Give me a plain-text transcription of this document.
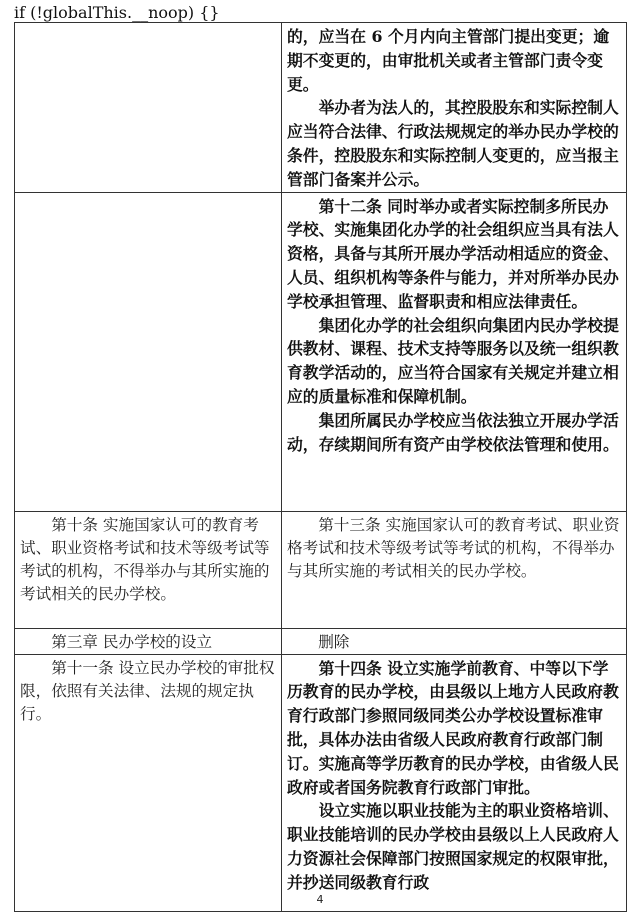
if (!globalThis.__noop) {}

	的，应当在 6 个月内向主管部门提出变更；逾期不变更的，由审批机关或者主管部门责令变更。

举办者为法人的，其控股股东和实际控制人应当符合法律、行政法规规定的举办民办学校的条件，控股股东和实际控制人变更的，应当报主管部门备案并公示。

	第十二条 同时举办或者实际控制多所民办学校、实施集团化办学的社会组织应当具有法人资格，具备与其所开展办学活动相适应的资金、人员、组织机构等条件与能力，并对所举办民办学校承担管理、监督职责和相应法律责任。

集团化办学的社会组织向集团内民办学校提供教材、课程、技术支持等服务以及统一组织教育教学活动的，应当符合国家有关规定并建立相应的质量标准和保障机制。

集团所属民办学校应当依法独立开展办学活动，存续期间所有资产由学校依法管理和使用。

第十条 实施国家认可的教育考试、职业资格考试和技术等级考试等考试的机构，不得举办与其所实施的考试相关的民办学校。	第十三条 实施国家认可的教育考试、职业资格考试和技术等级考试等考试的机构，不得举办与其所实施的考试相关的民办学校。

第三章 民办学校的设立	删除

第十一条 设立民办学校的审批权限，依照有关法律、法规的规定执行。	第十四条 设立实施学前教育、中等以下学历教育的民办学校，由县级以上地方人民政府教育行政部门参照同级同类公办学校设置标准审批，具体办法由省级人民政府教育行政部门制订。实施高等学历教育的民办学校，由省级人民政府或者国务院教育行政部门审批。

设立实施以职业技能为主的职业资格培训、职业技能培训的民办学校由县级以上人民政府人力资源社会保障部门按照国家规定的权限审批，并抄送同级教育行政

4
